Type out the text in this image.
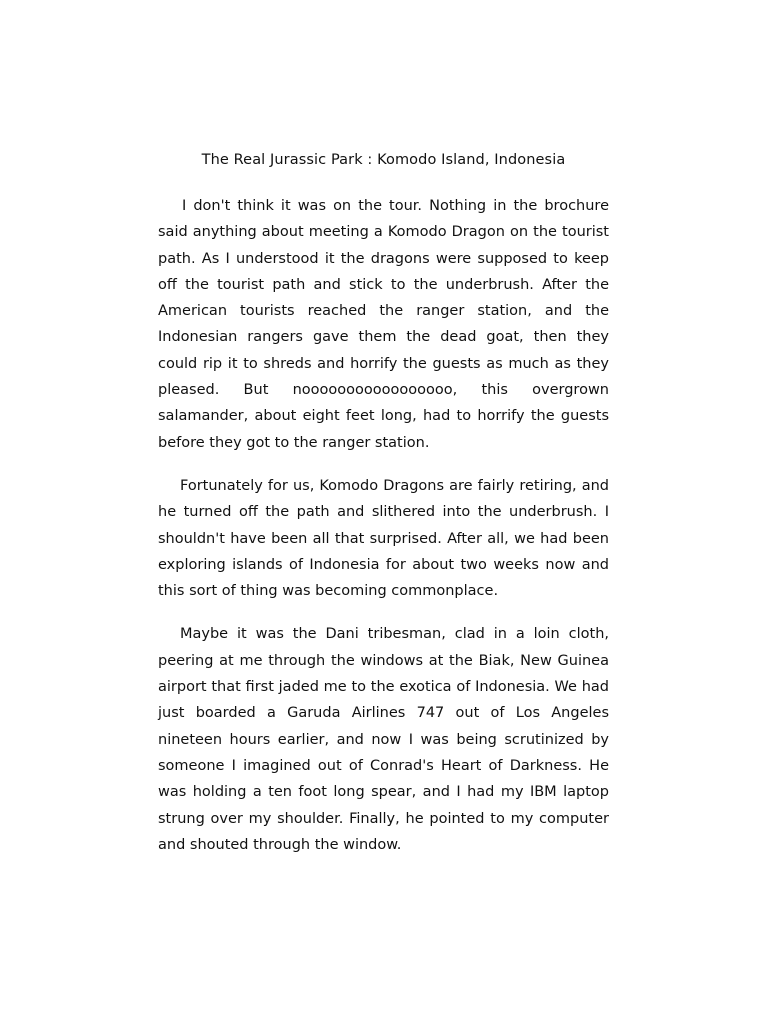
The Real Jurassic Park : Komodo Island, Indonesia

I don't think it was on the tour. Nothing in the brochure said anything about meeting a Komodo Dragon on the tourist path. As I understood it the dragons were supposed to keep off the tourist path and stick to the underbrush. After the American tourists reached the ranger station, and the Indonesian rangers gave them the dead goat, then they could rip it to shreds and horrify the guests as much as they pleased. But nooooooooooooooooo, this overgrown salamander, about eight feet long, had to horrify the guests before they got to the ranger station.

Fortunately for us, Komodo Dragons are fairly retiring, and he turned off the path and slithered into the underbrush. I shouldn't have been all that surprised. After all, we had been exploring islands of Indonesia for about two weeks now and this sort of thing was becoming commonplace.

Maybe it was the Dani tribesman, clad in a loin cloth, peering at me through the windows at the Biak, New Guinea airport that first jaded me to the exotica of Indonesia. We had just boarded a Garuda Airlines 747 out of Los Angeles nineteen hours earlier, and now I was being scrutinized by someone I imagined out of Conrad's Heart of Darkness. He was holding a ten foot long spear, and I had my IBM laptop strung over my shoulder. Finally, he pointed to my computer and shouted through the window.
